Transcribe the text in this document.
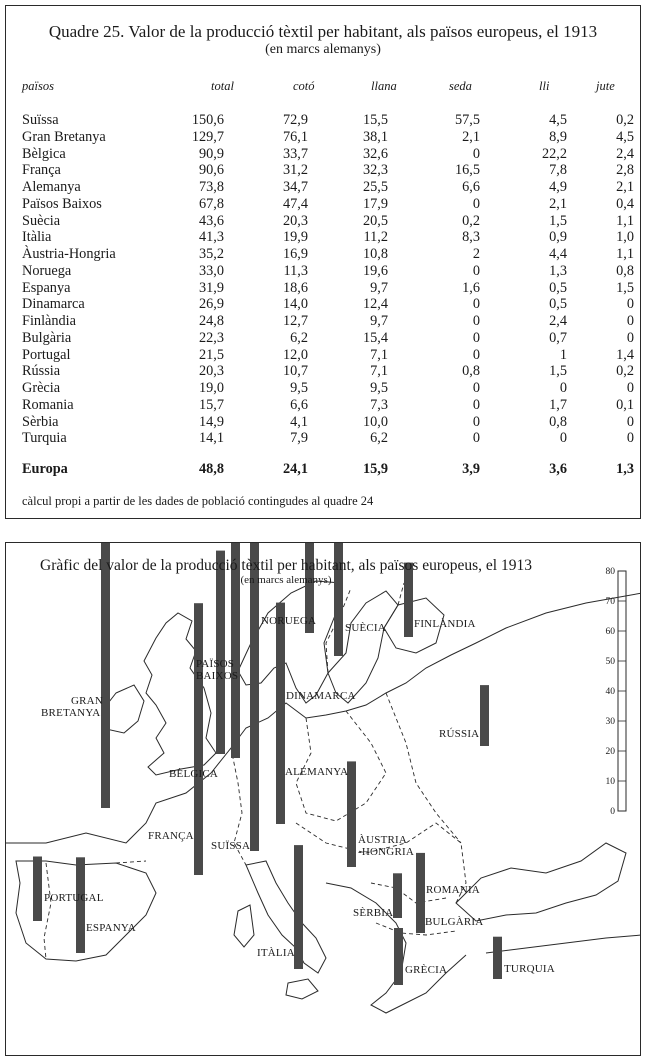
Quadre 25. Valor de la producció tèxtil per habitant, als països europeus, el 1913
(en marcs alemanys)
països	total	cotó	llana	seda	lli	jute
Suïssa	150,6	72,9	15,5	57,5	4,5	0,2
Gran Bretanya	129,7	76,1	38,1	2,1	8,9	4,5
Bèlgica	90,9	33,7	32,6	0	22,2	2,4
França	90,6	31,2	32,3	16,5	7,8	2,8
Alemanya	73,8	34,7	25,5	6,6	4,9	2,1
Països Baixos	67,8	47,4	17,9	0	2,1	0,4
Suècia	43,6	20,3	20,5	0,2	1,5	1,1
Itàlia	41,3	19,9	11,2	8,3	0,9	1,0
Àustria-Hongria	35,2	16,9	10,8	2	4,4	1,1
Noruega	33,0	11,3	19,6	0	1,3	0,8
Espanya	31,9	18,6	9,7	1,6	0,5	1,5
Dinamarca	26,9	14,0	12,4	0	0,5	0
Finlàndia	24,8	12,7	9,7	0	2,4	0
Bulgària	22,3	6,2	15,4	0	0,7	0
Portugal	21,5	12,0	7,1	0	1	1,4
Rússia	20,3	10,7	7,1	0,8	1,5	0,2
Grècia	19,0	9,5	9,5	0	0	0
Romania	15,7	6,6	7,3	0	1,7	0,1
Sèrbia	14,9	4,1	10,0	0	0,8	0
Turquia	14,1	7,9	6,2	0	0	0
Europa	48,8	24,1	15,9	3,9	3,6	1,3
càlcul propi a partir de les dades de població contingudes al quadre 24
80
70
60
50
40
30
20
10
0
NORUEGA
SUÈCIA	FINLÀNDIA
PAÏSOS
BAIXOS
GRAN
BRETANYA
DINAMARCA
RÚSSIA
BÈLGICA	ALEMANYA
FRANÇA
SUÏSSA	ÀUSTRIA
-HONGRIA
PORTUGAL
ESPANYA
ROMANIA
SÈRBIA
BULGÀRIA
ITÀLIA
GRÈCIA	TURQUIA
Gràfic del valor de la producció tèxtil per habitant, als països europeus, el 1913
(en marcs alemanys)
